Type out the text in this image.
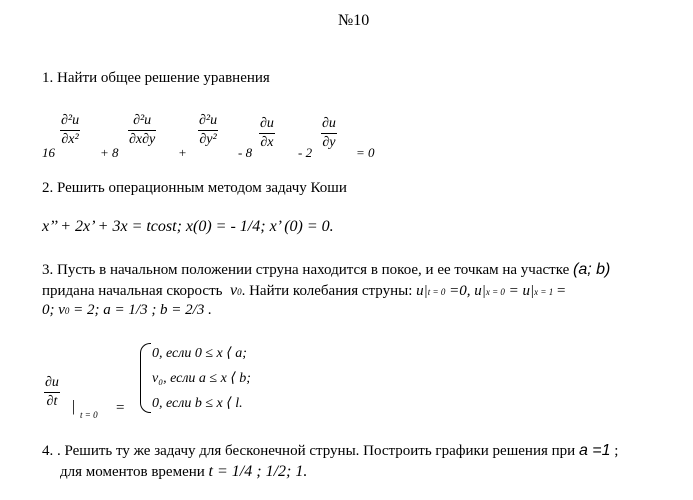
№10
1. Найти общее решение уравнения
16
∂²u
∂x²
+ 8
∂²u
∂x∂y
+
∂²u
∂y²
- 8
∂u
∂x
- 2
∂u
∂y
= 0
2. Решить операционным методом задачу Коши
x’’ + 2x’ + 3x = tcost; x(0) = - 1/4; x’ (0) = 0.
3. Пусть в начальном положении струна находится в покое, и ее точкам на участке (a; b)
придана начальная скорость v0. Найти колебания струны: u|t = 0 =0, u|x = 0 = u|x = 1 =
0; v0 = 2; a = 1/3 ; b = 2/3 .
∂u
∂t | t = 0 =
0, если 0 ≤ x ⟨ a;
v₀, если a ≤ x ⟨ b;
0, если b ≤ x ⟨ l.
4. . Решить ту же задачу для бесконечной струны. Построить графики решения при a =1 ;
для моментов времени t = 1/4 ; 1/2; 1.
